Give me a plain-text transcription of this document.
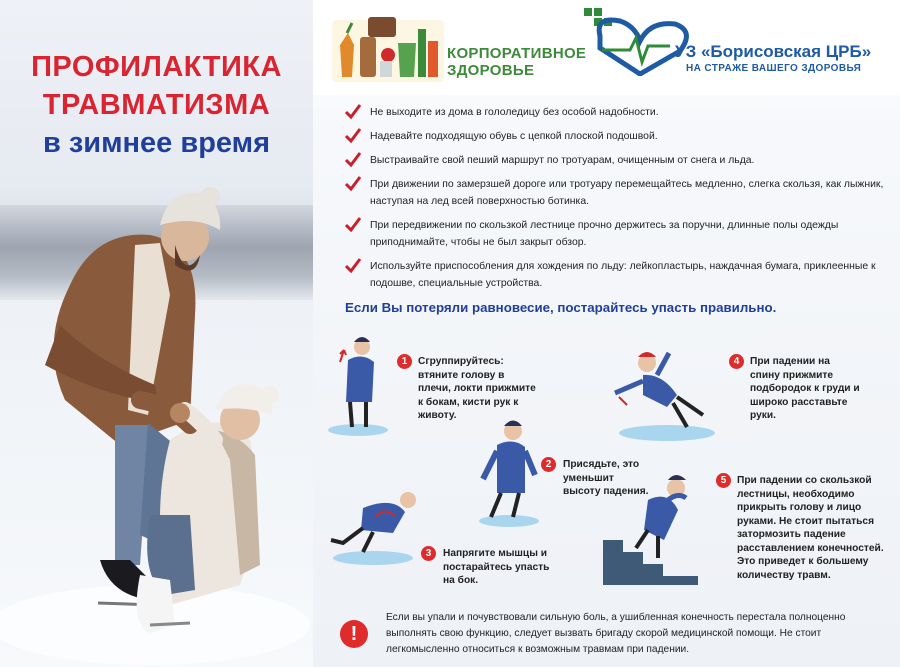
ПРОФИЛАКТИКА
ТРАВМАТИЗМА
в зимнее время
КОРПОРАТИВНОЕ
ЗДОРОВЬЕ
УЗ «Борисовская ЦРБ»
НА СТРАЖЕ ВАШЕГО ЗДОРОВЬЯ
Не выходите из дома в гололедицу без особой надобности.
Надевайте подходящую обувь с цепкой плоской подошвой.
Выстраивайте свой пеший маршрут по тротуарам, очищенным от снега и льда.
При движении по замерзшей дороге или тротуару перемещайтесь медленно, слегка скользя, как лыжник, наступая на лед всей поверхностью ботинка.
При передвижении по скользкой лестнице прочно держитесь за поручни, длинные полы одежды приподнимайте, чтобы не был закрыт обзор.
Используйте приспособления для хождения по льду: лейкопластырь, наждачная бумага, приклеенные к подошве, специальные устройства.
Если Вы потеряли равновесие, постарайтесь упасть правильно.
1	Сгруппируйтесь: втяните голову в плечи, локти прижмите к бокам, кисти рук к животу.
2	Присядьте, это уменьшит высоту падения.
3	Напрягите мышцы и постарайтесь упасть на бок.
4	При падении на спину прижмите подбородок к груди и широко расставьте руки.
5	При падении со скользкой лестницы, необходимо прикрыть голову и лицо руками. Не стоит пытаться затормозить падение расставлением конечностей. Это приведет к большему количеству травм.
!
Если вы упали и почувствовали сильную боль, а ушибленная конечность перестала полноценно выполнять свою функцию, следует вызвать бригаду скорой медицинской помощи. Не стоит легкомысленно относиться к возможным травмам при падении.
